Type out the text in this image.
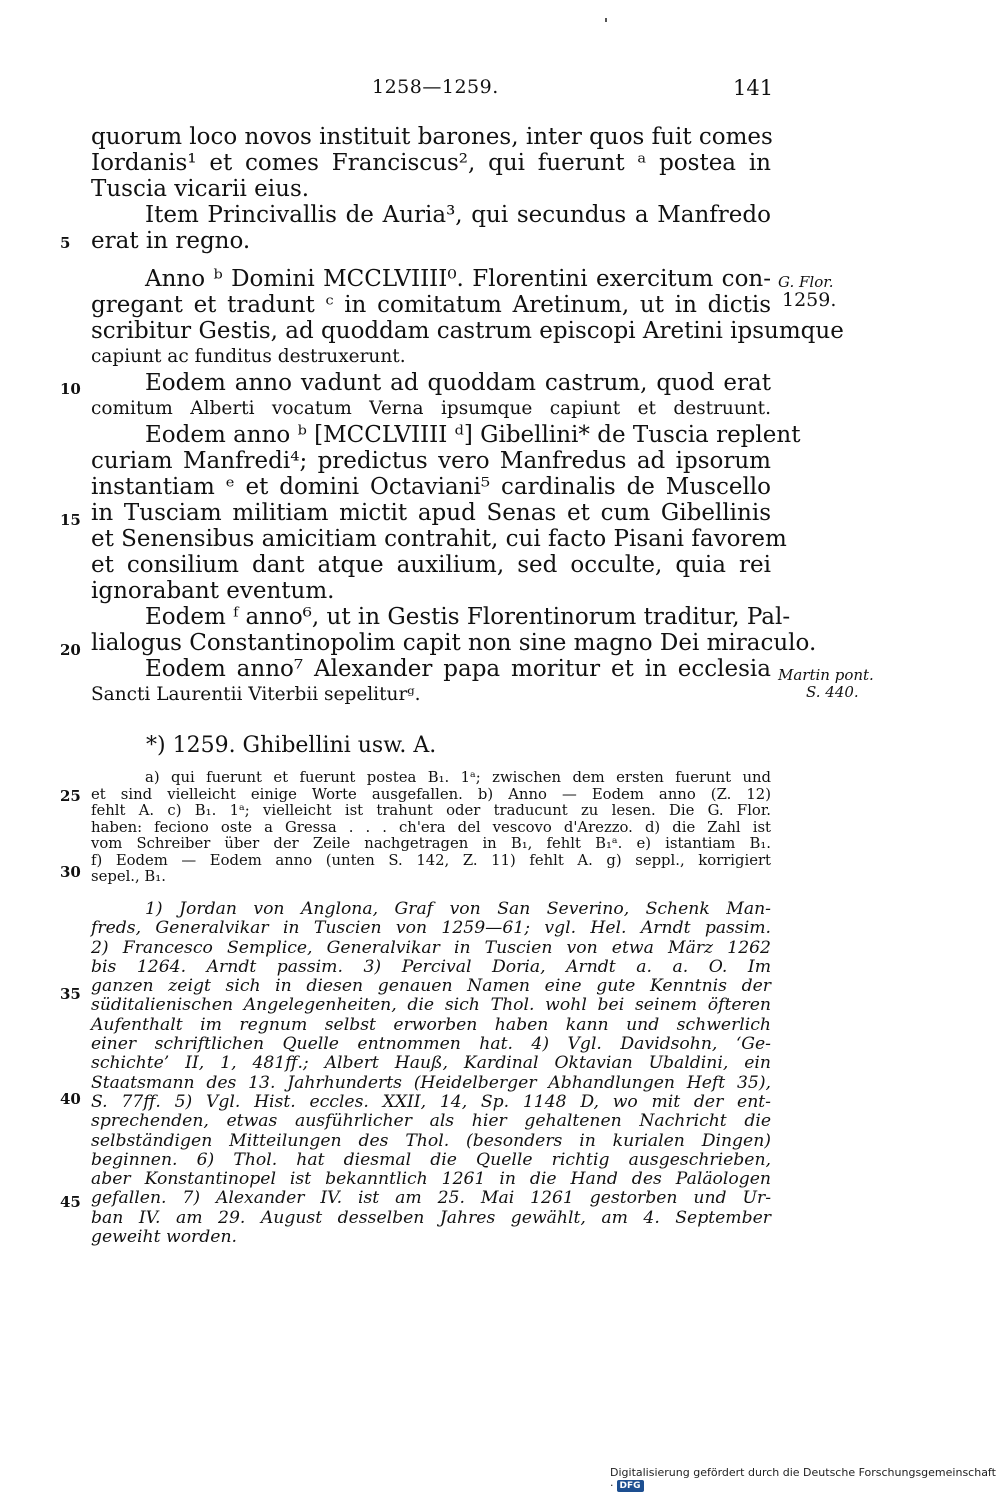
1258—1259.	141
quorum loco novos instituit barones, inter quos fuit comes
Iordanis¹ et comes Franciscus², qui fuerunt ᵃ postea in
Tuscia vicarii eius.
Item Princivallis de Auria³, qui secundus a Manfredo
erat in regno.
Anno ᵇ Domini MCCLVIIII⁰. Florentini exercitum con-
gregant et tradunt ᶜ in comitatum Aretinum, ut in dictis
scribitur Gestis, ad quoddam castrum episcopi Aretini ipsumque
capiunt ac funditus destruxerunt.
Eodem anno vadunt ad quoddam castrum, quod erat
comitum Alberti vocatum Verna ipsumque capiunt et destruunt.
Eodem anno ᵇ [MCCLVIIII ᵈ] Gibellini* de Tuscia replent
curiam Manfredi⁴; predictus vero Manfredus ad ipsorum
instantiam ᵉ et domini Octaviani⁵ cardinalis de Muscello
in Tusciam militiam mictit apud Senas et cum Gibellinis
et Senensibus amicitiam contrahit, cui facto Pisani favorem
et consilium dant atque auxilium, sed occulte, quia rei
ignorabant eventum.
Eodem ᶠ anno⁶, ut in Gestis Florentinorum traditur, Pal-
lialogus Constantinopolim capit non sine magno Dei miraculo.
Eodem anno⁷ Alexander papa moritur et in ecclesia
Sancti Laurentii Viterbii sepeliturᵍ.
5
10
15
20
25
30
35
40
45
G. Flor.
1259.
Martin pont.
S. 440.
*) 1259. Ghibellini usw. A.
a) qui fuerunt et fuerunt postea B₁. 1ᵃ; zwischen dem ersten fuerunt und
et sind vielleicht einige Worte ausgefallen. b) Anno — Eodem anno (Z. 12)
fehlt A. c) B₁. 1ᵃ; vielleicht ist trahunt oder traducunt zu lesen. Die G. Flor.
haben: feciono oste a Gressa . . . ch'era del vescovo d'Arezzo. d) die Zahl ist
vom Schreiber über der Zeile nachgetragen in B₁, fehlt B₁ᵃ. e) istantiam B₁.
f) Eodem — Eodem anno (unten S. 142, Z. 11) fehlt A. g) seppl., korrigiert
sepel., B₁.
1) Jordan von Anglona, Graf von San Severino, Schenk Man-
freds, Generalvikar in Tuscien von 1259—61; vgl. Hel. Arndt passim.
2) Francesco Semplice, Generalvikar in Tuscien von etwa März 1262
bis 1264. Arndt passim. 3) Percival Doria, Arndt a. a. O. Im
ganzen zeigt sich in diesen genauen Namen eine gute Kenntnis der
süditalienischen Angelegenheiten, die sich Thol. wohl bei seinem öfteren
Aufenthalt im regnum selbst erworben haben kann und schwerlich
einer schriftlichen Quelle entnommen hat. 4) Vgl. Davidsohn, ‘Ge-
schichte’ II, 1, 481ff.; Albert Hauß, Kardinal Oktavian Ubaldini, ein
Staatsmann des 13. Jahrhunderts (Heidelberger Abhandlungen Heft 35),
S. 77ff. 5) Vgl. Hist. eccles. XXII, 14, Sp. 1148 D, wo mit der ent-
sprechenden, etwas ausführlicher als hier gehaltenen Nachricht die
selbständigen Mitteilungen des Thol. (besonders in kurialen Dingen)
beginnen. 6) Thol. hat diesmal die Quelle richtig ausgeschrieben,
aber Konstantinopel ist bekanntlich 1261 in die Hand des Paläologen
gefallen. 7) Alexander IV. ist am 25. Mai 1261 gestorben und Ur-
ban IV. am 29. August desselben Jahres gewählt, am 4. September
geweiht worden.
Digitalisierung gefördert durch die Deutsche Forschungsgemeinschaft · DFG
